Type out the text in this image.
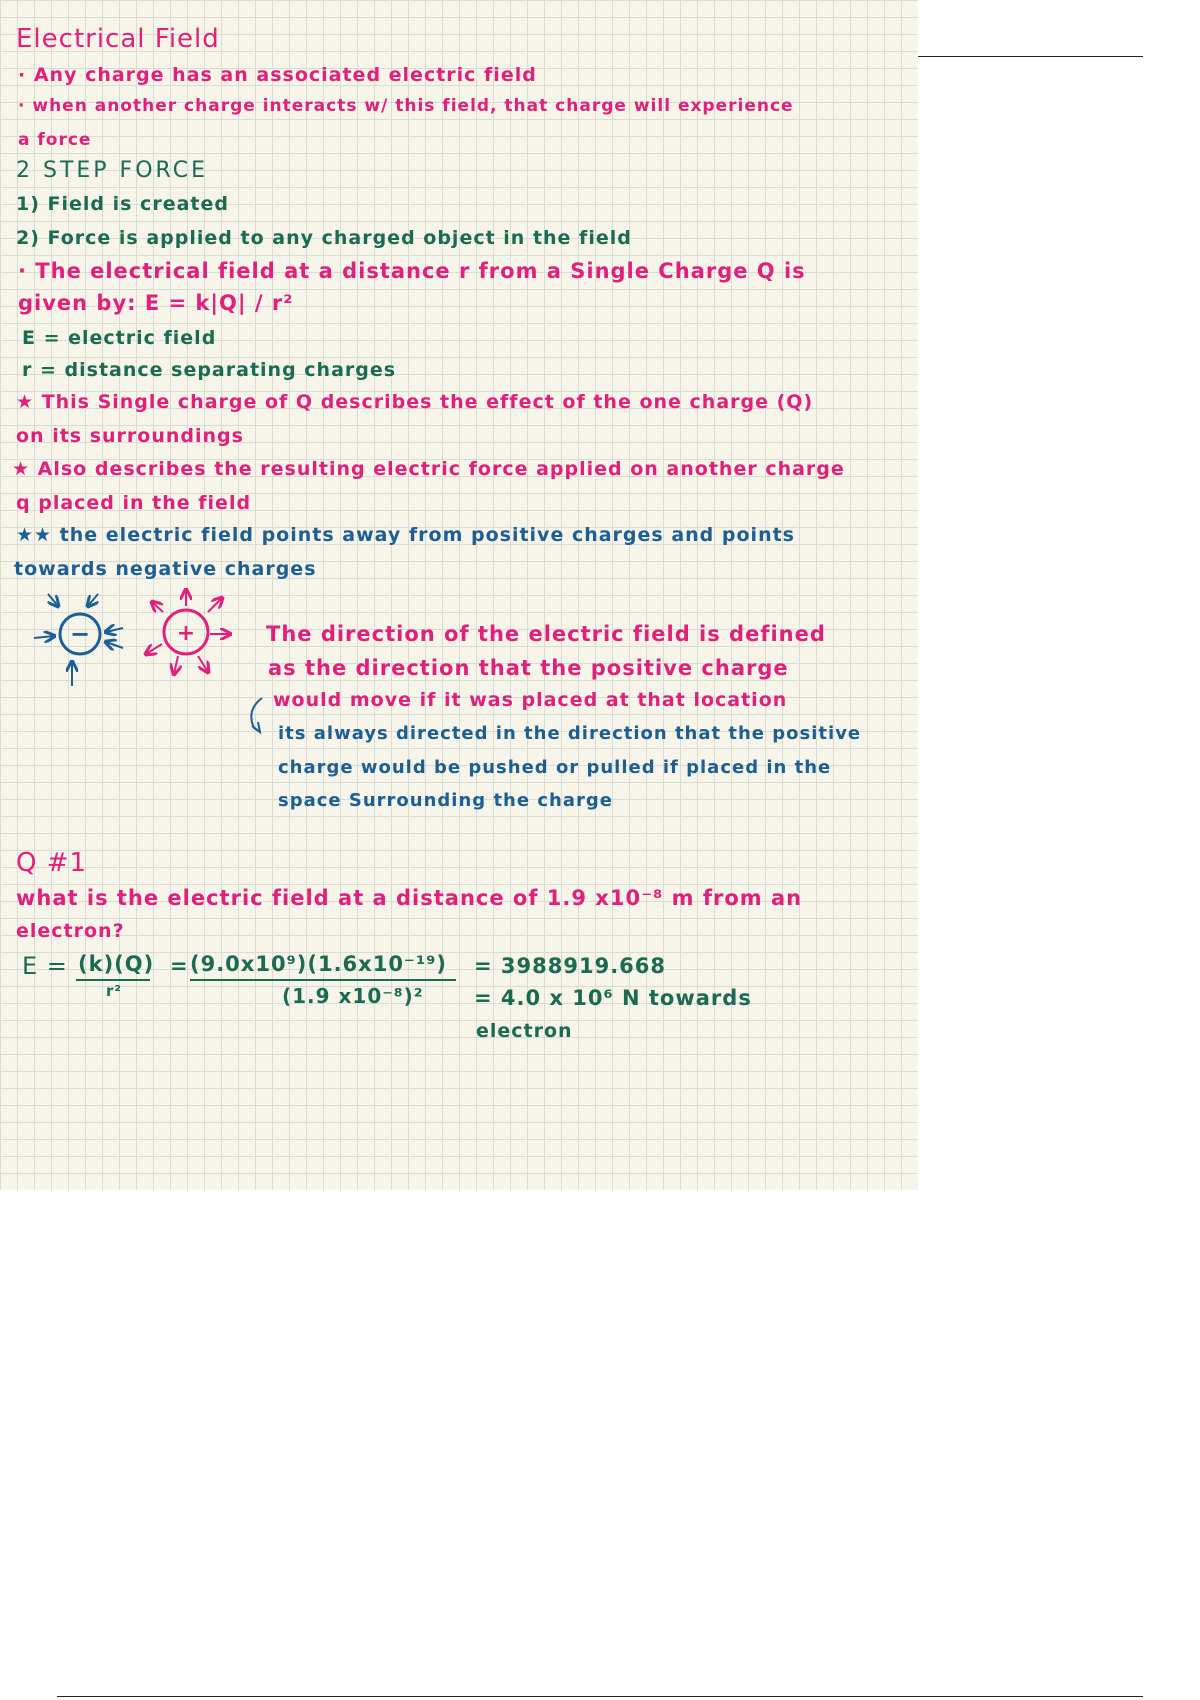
Electrical Field
· Any charge has an associated electric field
· when another charge interacts w/ this field, that charge will experience
a force
2 STEP FORCE
1) Field is created
2) Force is applied to any charged object in the field
· The electrical field at a distance r from a Single Charge Q is
given by: E = k|Q| / r²
E = electric field
r = distance separating charges
★ This Single charge of Q describes the effect of the one charge (Q)
on its surroundings
★ Also describes the resulting electric force applied on another charge
q placed in the field
★★ the electric field points away from positive charges and points
towards negative charges
−	+	The direction of the electric field is defined
as the direction that the positive charge
would move if it was placed at that location
its always directed in the direction that the positive
charge would be pushed or pulled if placed in the
space Surrounding the charge
Q #1
what is the electric field at a distance of 1.9 x10⁻⁸ m from an
electron?
E = (k)(Q)
r²
= (9.0x10⁹)(1.6x10⁻¹⁹)
(1.9 x10⁻⁸)²
= 3988919.668
= 4.0 x 10⁶ N towards
electron
